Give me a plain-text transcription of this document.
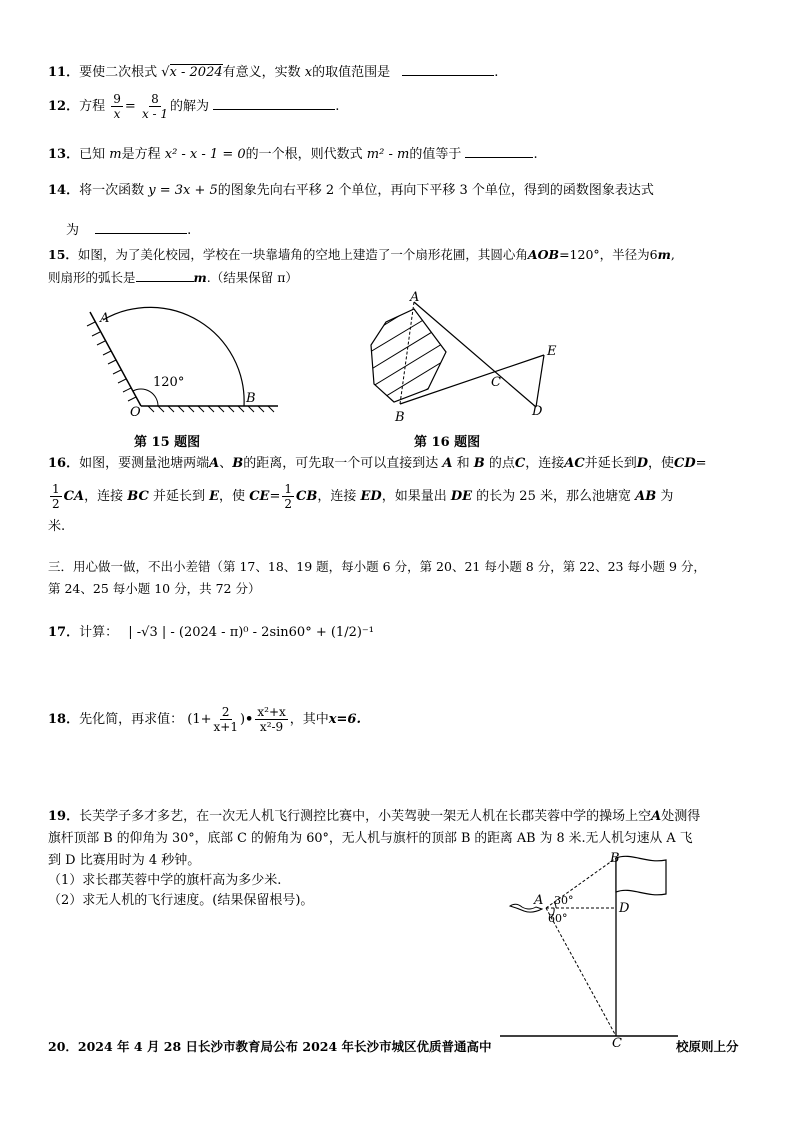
11．要使二次根式 √x - 2024有意义，实数 x的取值范围是	.
12．方程 $\frac{9}{x} = \frac{8}{x - 1}$ 的解为	.
13．已知 m是方程 x² - x - 1 = 0的一个根，则代数式 m² - m的值等于	.
14．将一次函数 y = 3x + 5的图象先向右平移 2 个单位，再向下平移 3 个单位，得到的函数图象表达式
为	.
15．如图，为了美化校园，学校在一块靠墙角的空地上建造了一个扇形花圃，其圆心角AOB=120°，半径为6m,
则扇形的弧长是	m.（结果保留 π）
A
B
O
120°
第 15 题图
A
B
C
D
E
第 16 题图
16．如图，要测量池塘两端A、B的距离，可先取一个可以直接到达 A 和 B 的点C，连接AC并延长到D，使CD=
$\frac{1}{2}$ CA，连接 BC 并延长到 E，使 $CE= \frac{1}{2}$ CB，连接 ED，如果量出 DE 的长为 25 米，那么池塘宽 AB 为
米.
三．用心做一做，不出小差错（第 17、18、19 题，每小题 6 分，第 20、21 每小题 8 分，第 22、23 每小题 9 分，
第 24、25 每小题 10 分，共 72 分）
17．计算： | -√3 | - (2024 - π)⁰ - 2sin60° + (1/2)⁻¹
18．先化简，再求值： ($1+ \frac{2}{x+1}$ )• $\frac{\text{x²+x}}{\text{x²-9}}$ ，其中x=6.
19．长芙学子多才多艺，在一次无人机飞行测控比赛中，小芙驾驶一架无人机在长郡芙蓉中学的操场上空A处测得
旗杆顶部 B 的仰角为 30°，底部 C 的俯角为 60°，无人机与旗杆的顶部 B 的距离 AB 为 8 米.无人机匀速从 A 飞
到 D 比赛用时为 4 秒钟。
（1）求长郡芙蓉中学的旗杆高为多少米.
（2）求无人机的飞行速度。(结果保留根号)。	A
B
C
D
30°
60°
20．2024 年 4 月 28 日长沙市教育局公布 2024 年长沙市城区优质普通高中	校原则上分
